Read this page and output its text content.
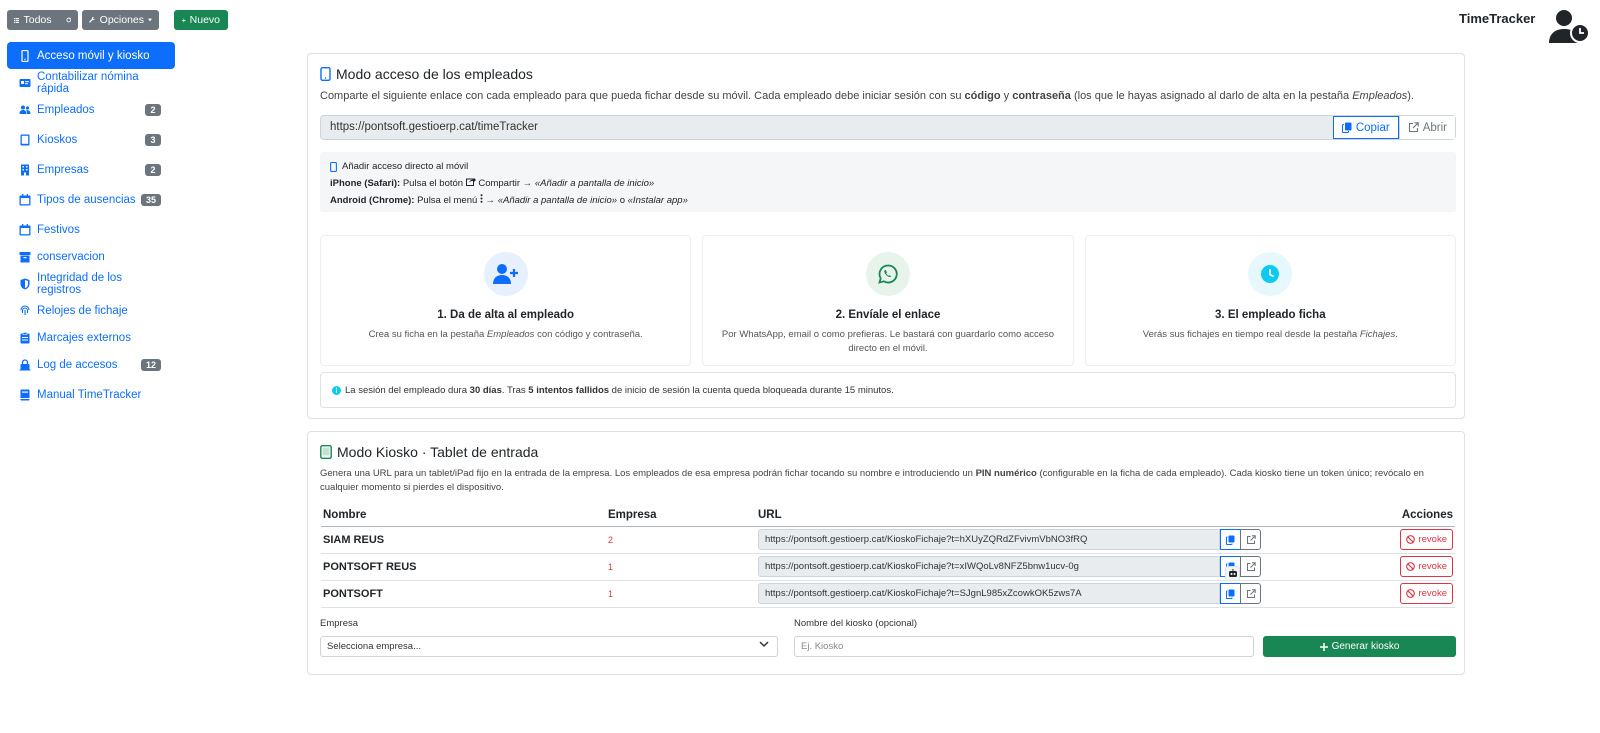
Todos	Opciones	Nuevo	TimeTracker
Acceso móvil y kiosko
Contabilizar nómina rápida
Empleados	2
Kioskos	3
Empresas	2
Tipos de ausencias	35
Festivos
conservacion
Integridad de los registros
Relojes de fichaje
Marcajes externos
Log de accesos	12
Manual TimeTracker
Modo acceso de los empleados
Comparte el siguiente enlace con cada empleado para que pueda fichar desde su móvil. Cada empleado debe iniciar sesión con su código y contraseña (los que le hayas asignado al darlo de alta en la pestaña Empleados).
https://pontsoft.gestioerp.cat/timeTracker	Copiar	Abrir
Añadir acceso directo al móvil
iPhone (Safari): Pulsa el botón  Compartir → «Añadir a pantalla de inicio»
Android (Chrome): Pulsa el menú  → «Añadir a pantalla de inicio» o «Instalar app»
1. Da de alta al empleado

Crea su ficha en la pestaña Empleados con código y contraseña.

2. Envíale el enlace

Por WhatsApp, email o como prefieras. Le bastará con guardarlo como acceso directo en el móvil.

3. El empleado ficha

Verás sus fichajes en tiempo real desde la pestaña Fichajes.

La sesión del empleado dura 30 días. Tras 5 intentos fallidos de inicio de sesión la cuenta queda bloqueada durante 15 minutos.
Modo Kiosko · Tablet de entrada
Genera una URL para un tablet/iPad fijo en la entrada de la empresa. Los empleados de esa empresa podrán fichar tocando su nombre e introduciendo un PIN numérico (configurable en la ficha de cada empleado). Cada kiosko tiene un token único; revócalo en cualquier momento si pierdes el dispositivo.
Nombre	Empresa	URL	Acciones
SIAM REUS	2	https://pontsoft.gestioerp.cat/KioskoFichaje?t=hXUyZQRdZFvivmVbNO3fRQ	revoke

PONTSOFT REUS	1	https://pontsoft.gestioerp.cat/KioskoFichaje?t=xIWQoLv8NFZ5bnw1ucv-0g	revoke

PONTSOFT	1	https://pontsoft.gestioerp.cat/KioskoFichaje?t=SJgnL985xZcowkOK5zws7A	revoke
Empresa	Nombre del kiosko (opcional)
Selecciona empresa...	Ej. Kiosko	Generar kiosko
